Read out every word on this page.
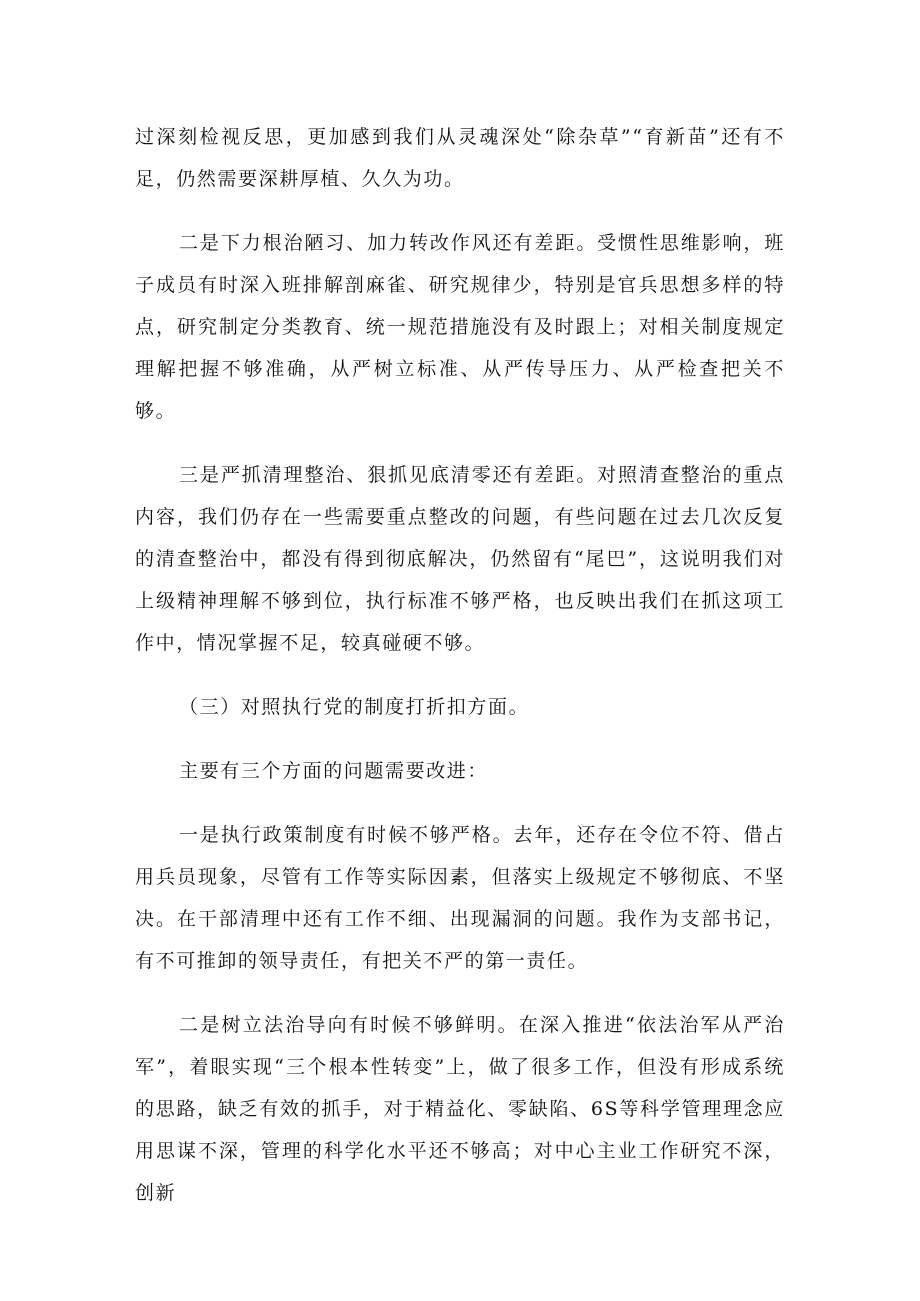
过深刻检视反思，更加感到我们从灵魂深处“除杂草”“育新苗”还有不足，仍然需要深耕厚植、久久为功。

二是下力根治陋习、加力转改作风还有差距。受惯性思维影响，班子成员有时深入班排解剖麻雀、研究规律少，特别是官兵思想多样的特点，研究制定分类教育、统一规范措施没有及时跟上；对相关制度规定理解把握不够准确，从严树立标准、从严传导压力、从严检查把关不够。

三是严抓清理整治、狠抓见底清零还有差距。对照清查整治的重点内容，我们仍存在一些需要重点整改的问题，有些问题在过去几次反复的清查整治中，都没有得到彻底解决，仍然留有“尾巴”，这说明我们对上级精神理解不够到位，执行标准不够严格，也反映出我们在抓这项工作中，情况掌握不足，较真碰硬不够。

（三）对照执行党的制度打折扣方面。

主要有三个方面的问题需要改进：

一是执行政策制度有时候不够严格。去年，还存在令位不符、借占用兵员现象，尽管有工作等实际因素，但落实上级规定不够彻底、不坚决。在干部清理中还有工作不细、出现漏洞的问题。我作为支部书记，有不可推卸的领导责任，有把关不严的第一责任。

二是树立法治导向有时候不够鲜明。在深入推进“依法治军从严治军”，着眼实现“三个根本性转变”上，做了很多工作，但没有形成系统的思路，缺乏有效的抓手，对于精益化、零缺陷、6S等科学管理理念应用思谋不深，管理的科学化水平还不够高；对中心主业工作研究不深，创新
